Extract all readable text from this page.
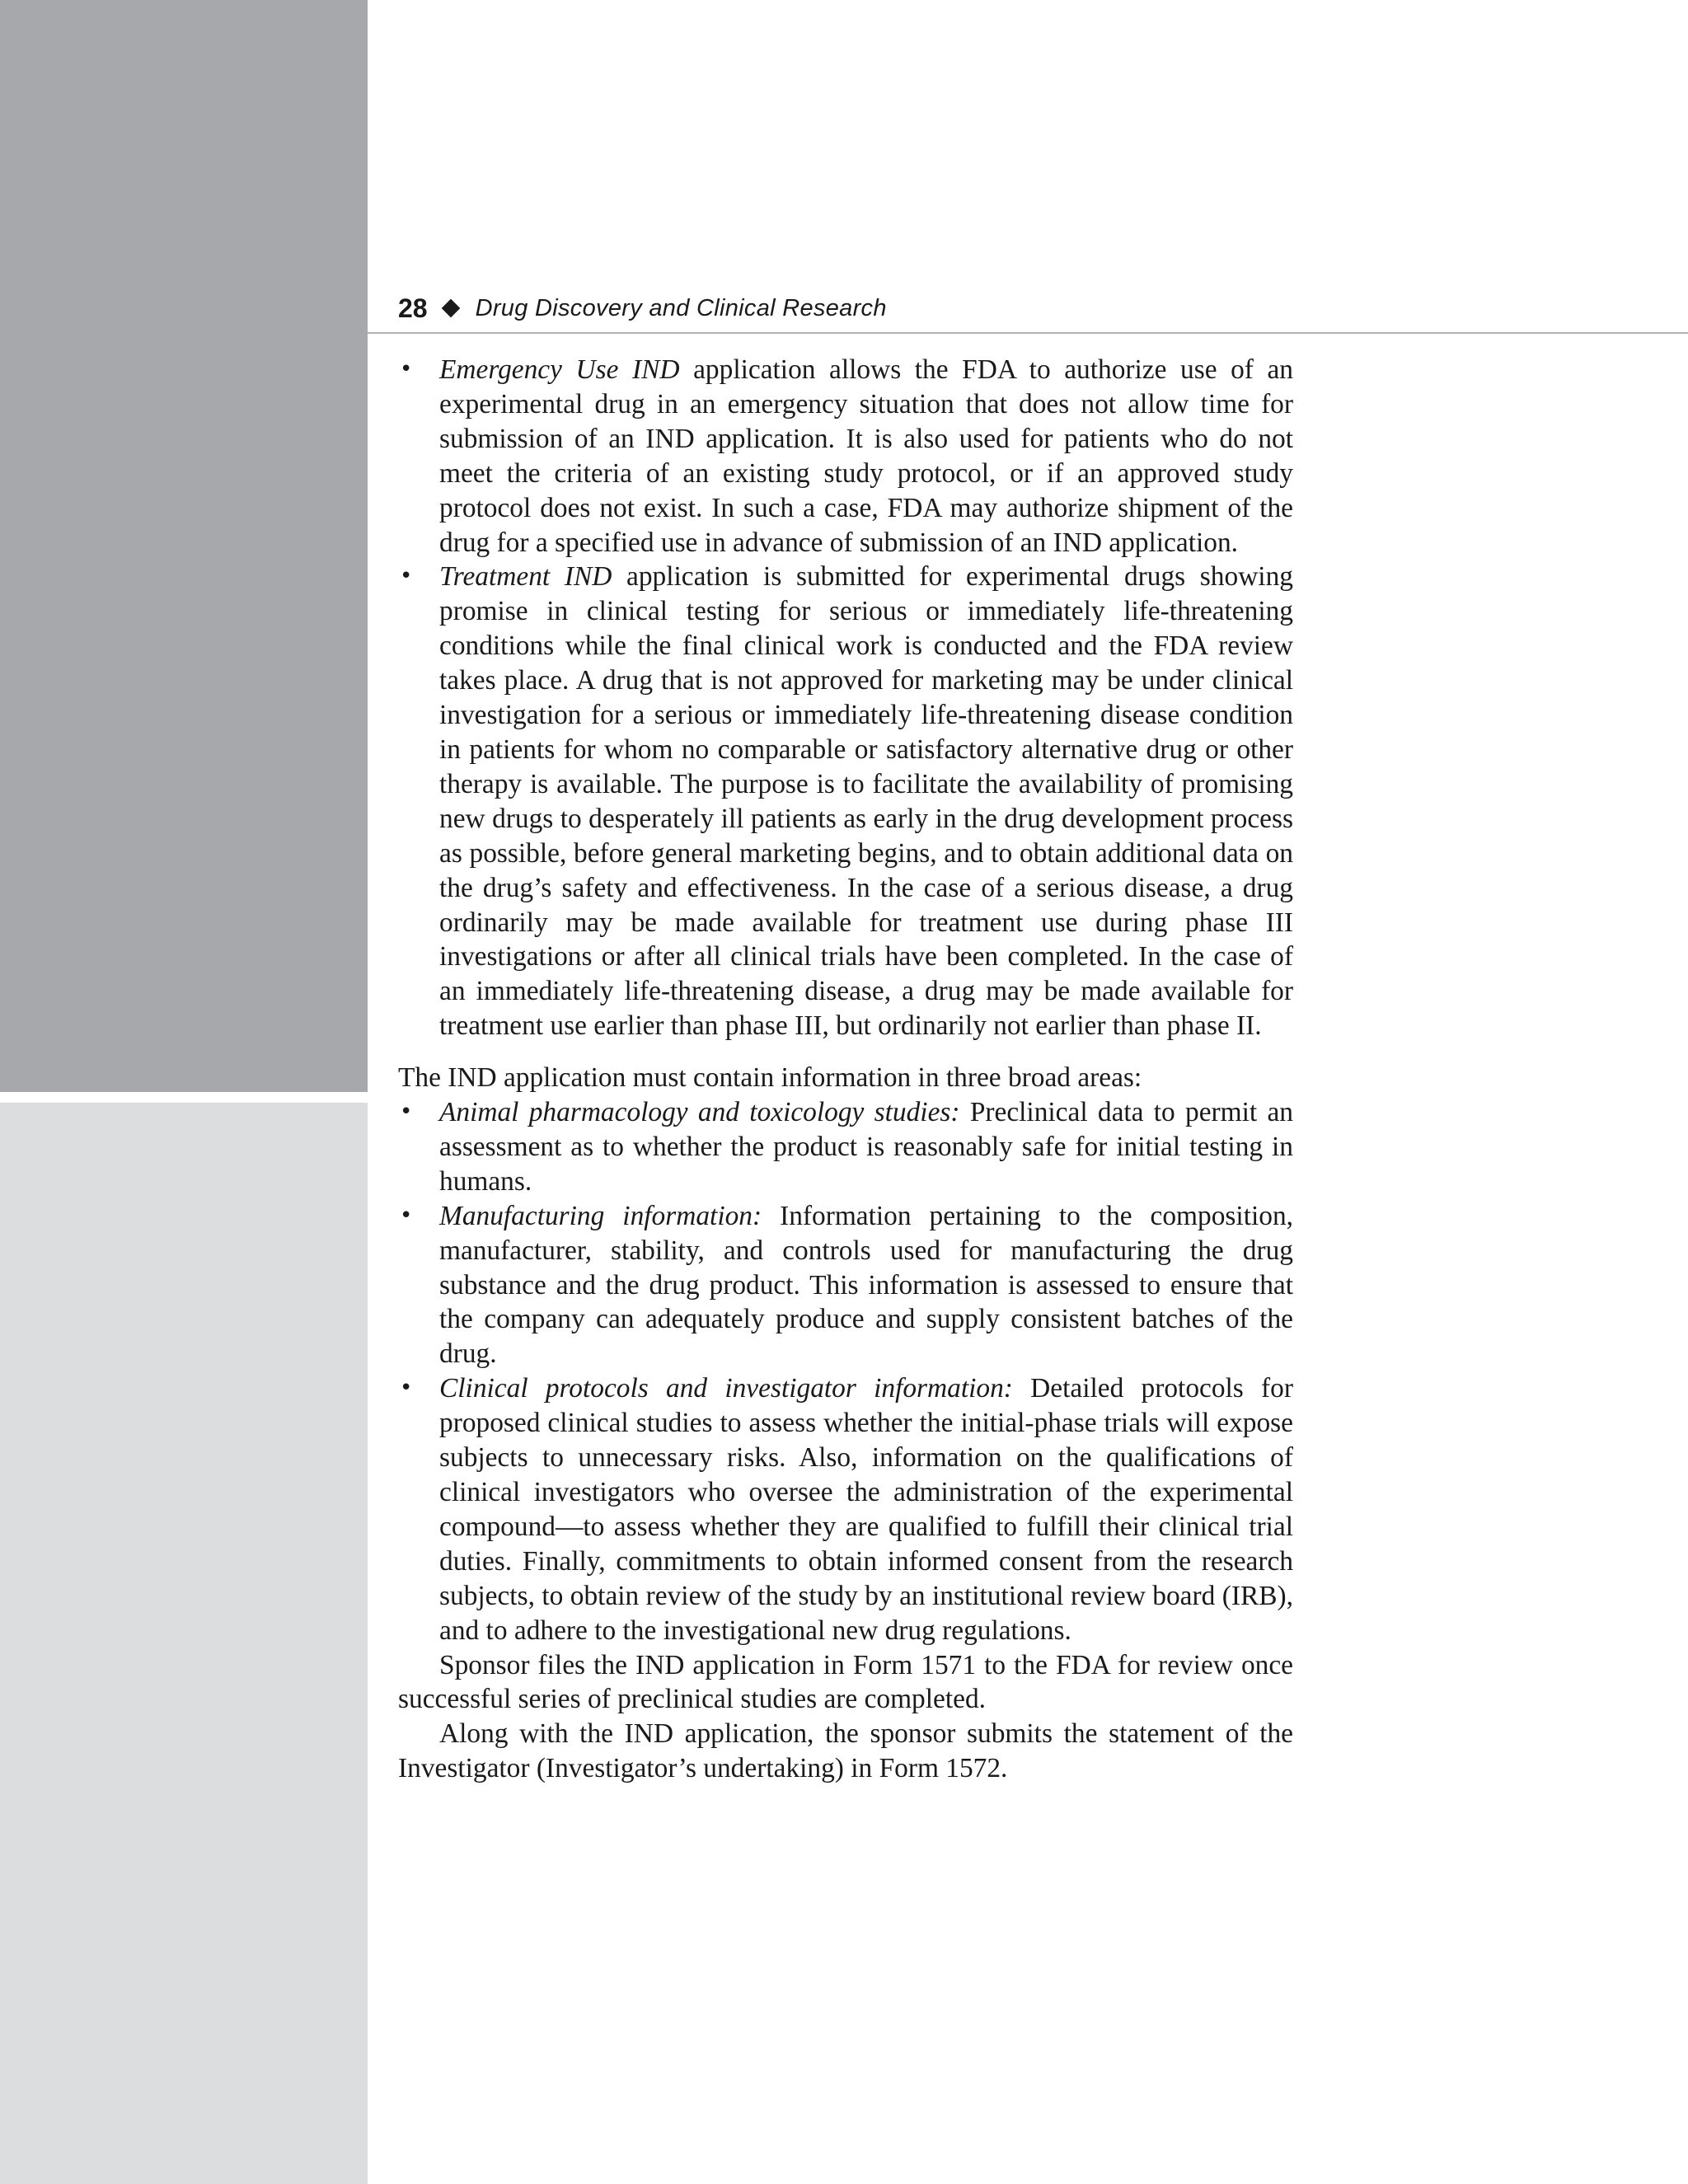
28 Drug Discovery and Clinical Research
• Emergency Use IND application allows the FDA to authorize use of an experimental drug in an emergency situation that does not allow time for submission of an IND application. It is also used for patients who do not meet the criteria of an existing study protocol, or if an approved study protocol does not exist. In such a case, FDA may authorize shipment of the drug for a specified use in advance of submission of an IND application.
• Treatment IND application is submitted for experimental drugs showing promise in clinical testing for serious or immediately life-threatening conditions while the final clinical work is conducted and the FDA review takes place. A drug that is not approved for marketing may be under clinical investigation for a serious or immediately life-threatening disease condition in patients for whom no comparable or satisfactory alternative drug or other therapy is available. The purpose is to facilitate the availability of promising new drugs to desperately ill patients as early in the drug development process as possible, before general marketing begins, and to obtain additional data on the drug’s safety and effectiveness. In the case of a serious disease, a drug ordinarily may be made available for treatment use during phase III investigations or after all clinical trials have been completed. In the case of an immediately life-threatening disease, a drug may be made available for treatment use earlier than phase III, but ordinarily not earlier than phase II.

The IND application must contain information in three broad areas:

• Animal pharmacology and toxicology studies: Preclinical data to permit an assessment as to whether the product is reasonably safe for initial testing in humans.
• Manufacturing information: Information pertaining to the composition, manufacturer, stability, and controls used for manufacturing the drug substance and the drug product. This information is assessed to ensure that the company can adequately produce and supply consistent batches of the drug.
• Clinical protocols and investigator information: Detailed protocols for proposed clinical studies to assess whether the initial-phase trials will expose subjects to unnecessary risks. Also, information on the qualifications of clinical investigators who oversee the administration of the experimental compound—to assess whether they are qualified to fulfill their clinical trial duties. Finally, commitments to obtain informed consent from the research subjects, to obtain review of the study by an institutional review board (IRB), and to adhere to the investigational new drug regulations.

Sponsor files the IND application in Form 1571 to the FDA for review once successful series of preclinical studies are completed.

Along with the IND application, the sponsor submits the statement of the Investigator (Investigator’s undertaking) in Form 1572.
